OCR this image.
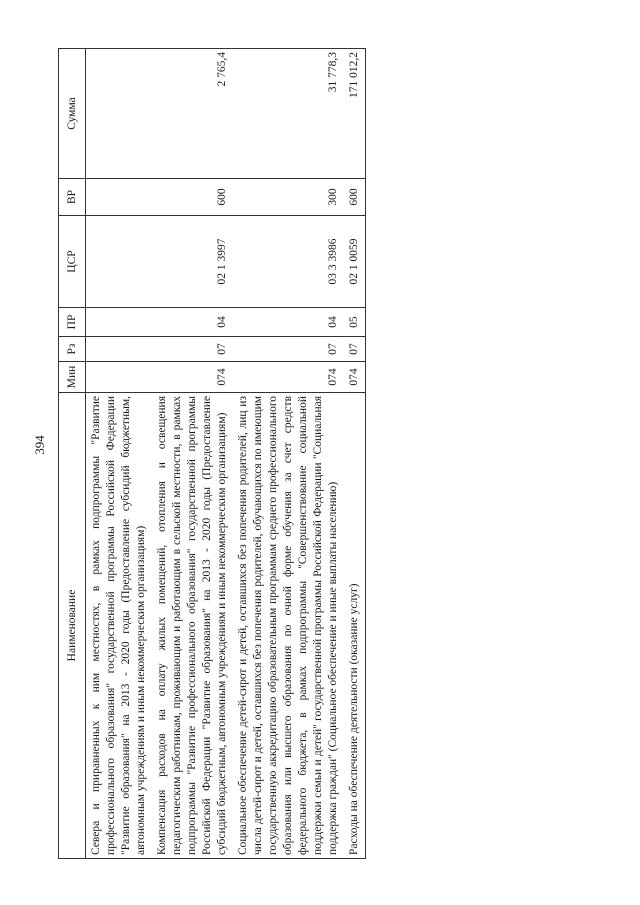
394
Наименование	Мин	Рз	ПР	ЦСР	ВР	Сумма
Севера и приравненных к ним местностях, в рамках подпрограммы "Развитие профессионального образования" государственной программы Российской Федерации "Развитие образования" на 2013 - 2020 годы (Предоставление субсидий бюджетным, автономным учреждениям и иным некоммерческим организациям)						
Компенсация расходов на оплату жилых помещений, отопления и освещения педагогическим работникам, проживающим и работающим в сельской местности, в рамках подпрограммы "Развитие профессионального образования" государственной программы Российской Федерации "Развитие образования" на 2013 - 2020 годы (Предоставление субсидий бюджетным, автономным учреждениям и иным некоммерческим организациям)	074	07	04	02 1 3997	600	2 765,4
Социальное обеспечение детей-сирот и детей, оставшихся без попечения родителей, лиц из числа детей-сирот и детей, оставшихся без попечения родителей, обучающихся по имеющим государственную аккредитацию образовательным программам среднего профессионального образования или высшего образования по очной форме обучения за счет средств федерального бюджета, в рамках подпрограммы "Совершенствование социальной поддержки семьи и детей" государственной программы Российской Федерации "Социальная поддержка граждан" (Социальное обеспечение и иные выплаты населению)	074	07	04	03 3 3986	300	31 778,3
Расходы на обеспечение деятельности (оказание услуг)	074	07	05	02 1 0059	600	171 012,2
